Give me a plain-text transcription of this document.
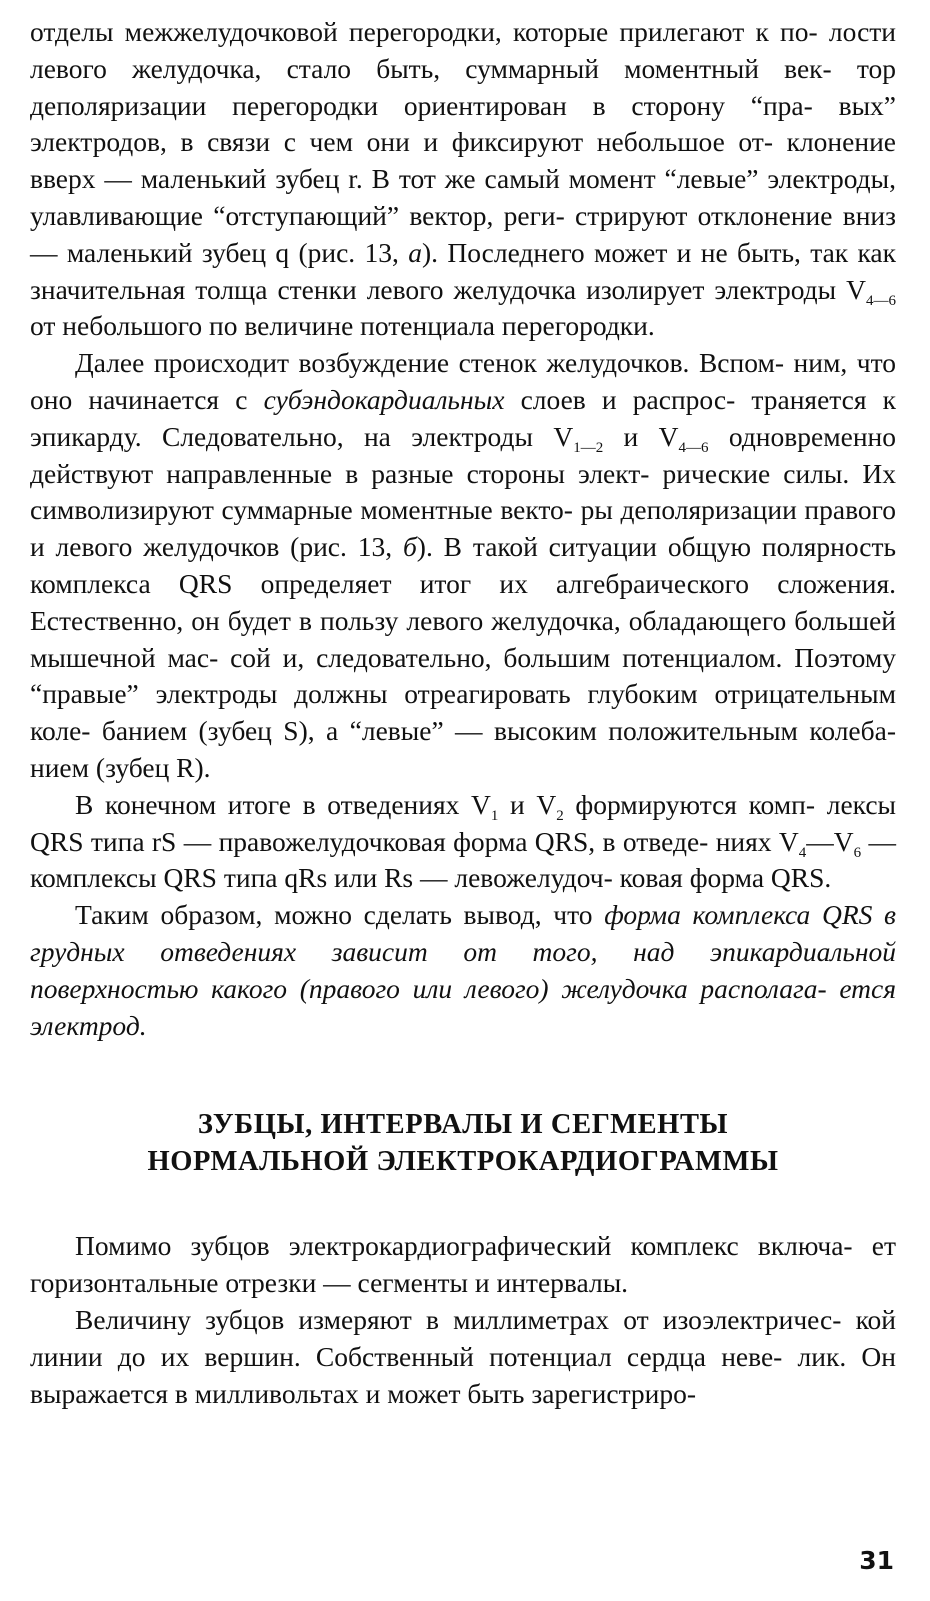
отделы межжелудочковой перегородки, которые прилегают к по- лости левого желудочка, стало быть, суммарный моментный век- тор деполяризации перегородки ориентирован в сторону “пра- вых” электродов, в связи с чем они и фиксируют небольшое от- клонение вверх — маленький зубец r. В тот же самый момент “левые” электроды, улавливающие “отступающий” вектор, реги- стрируют отклонение вниз — маленький зубец q (рис. 13, а). Последнего может и не быть, так как значительная толща стенки левого желудочка изолирует электроды $V_{4—6}$ от небольшого по величине потенциала перегородки.

Далее происходит возбуждение стенок желудочков. Вспом- ним, что оно начинается с субэндокардиальных слоев и распрос- траняется к эпикарду. Следовательно, на электроды $V_{1—2}$ и $V_{4—6}$ одновременно действуют направленные в разные стороны элект- рические силы. Их символизируют суммарные моментные векто- ры деполяризации правого и левого желудочков (рис. 13, б). В такой ситуации общую полярность комплекса QRS определяет итог их алгебраического сложения. Естественно, он будет в пользу левого желудочка, обладающего большей мышечной мас- сой и, следовательно, большим потенциалом. Поэтому “правые” электроды должны отреагировать глубоким отрицательным коле- банием (зубец S), а “левые” — высоким положительным колеба- нием (зубец R).

В конечном итоге в отведениях $V_1$ и $V_2$ формируются комп- лексы QRS типа rS — правожелудочковая форма QRS, в отведе- ниях $V_4—V_6$ — комплексы QRS типа qRs или Rs — левожелудоч- ковая форма QRS.

Таким образом, можно сделать вывод, что форма комплекса QRS в грудных отведениях зависит от того, над эпикардиальной поверхностью какого (правого или левого) желудочка располага- ется электрод.

ЗУБЦЫ, ИНТЕРВАЛЫ И СЕГМЕНТЫ
НОРМАЛЬНОЙ ЭЛЕКТРОКАРДИОГРАММЫ

Помимо зубцов электрокардиографический комплекс включа- ет горизонтальные отрезки — сегменты и интервалы.

Величину зубцов измеряют в миллиметрах от изоэлектричес- кой линии до их вершин. Собственный потенциал сердца неве- лик. Он выражается в милливольтах и может быть зарегистриро-

31
